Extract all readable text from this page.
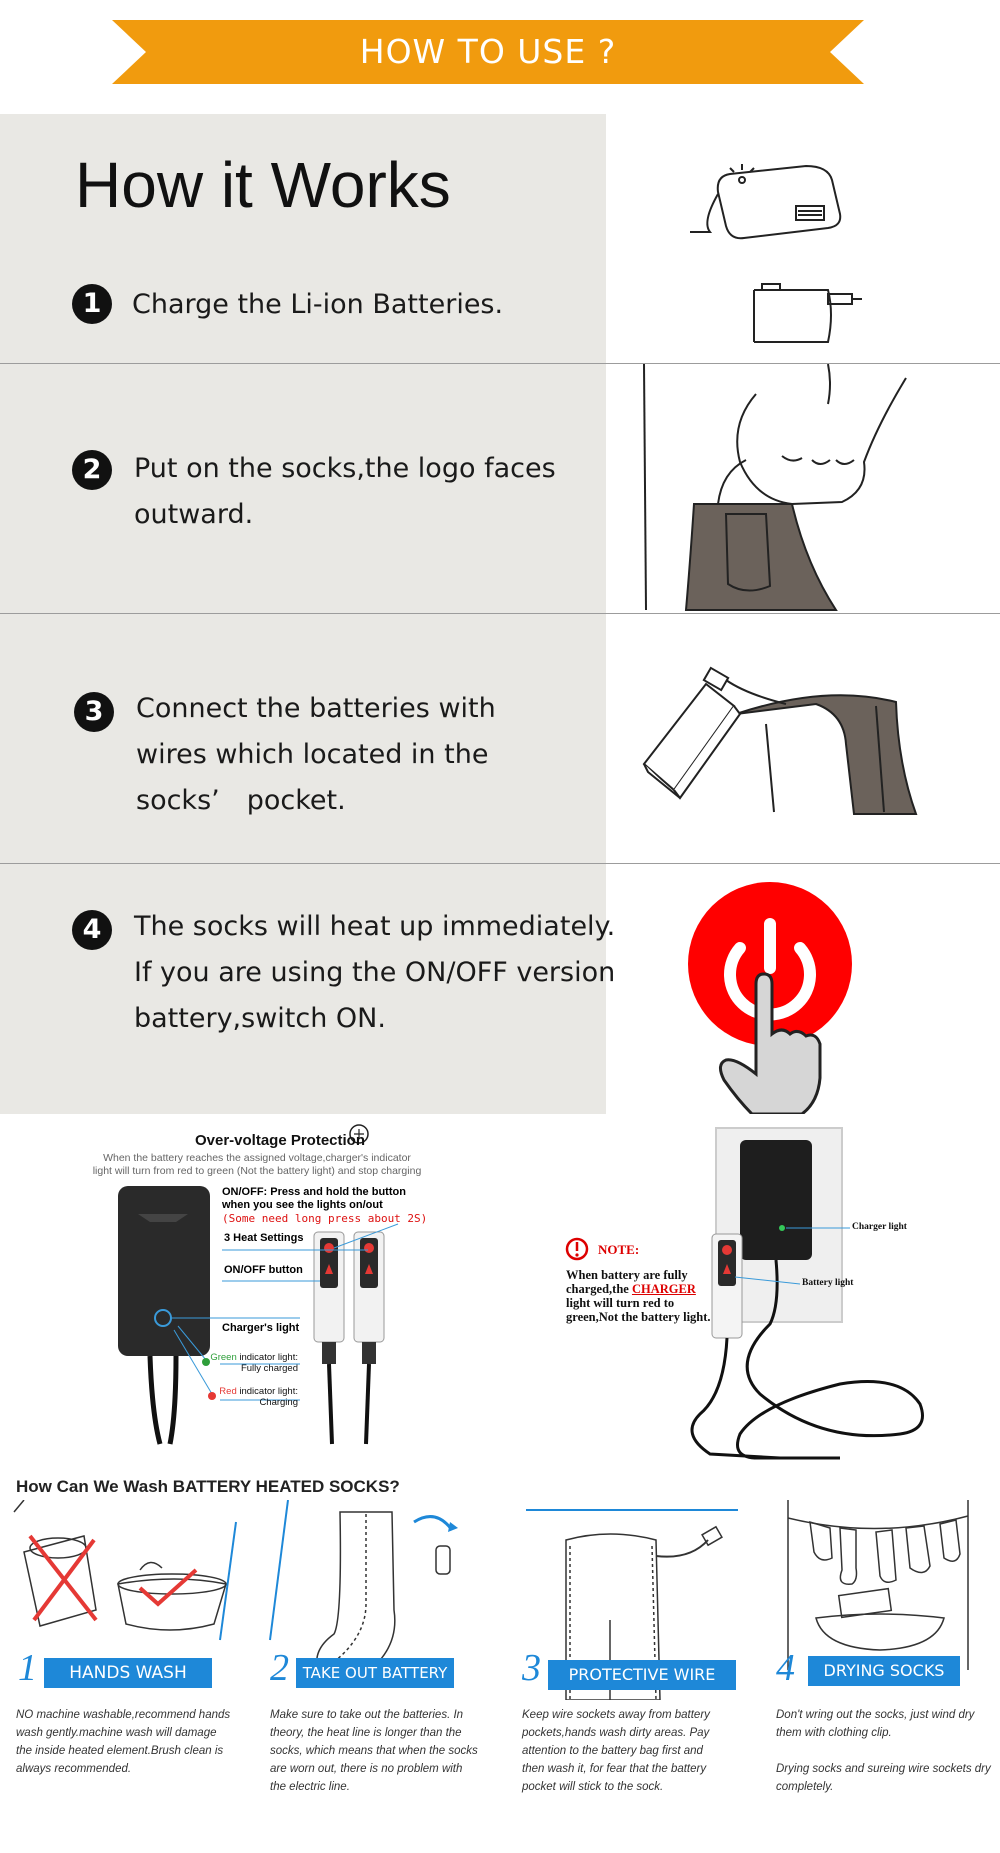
HOW TO USE ?
How it Works
1	Charge the Li-ion Batteries.
2	Put on the socks,the logo faces
outward.
3	Connect the batteries with
wires which located in the
socks’　pocket.
4	The socks will heat up immediately.
If you are using the ON/OFF version
battery,switch ON.
Over-voltage Protection
When the battery reaches the assigned voltage,charger's indicator
light will turn from red to green (Not the battery light) and stop charging
ON/OFF: Press and hold the button
when you see the lights on/out
(Some need long press about 2S)
3 Heat Settings
ON/OFF button
Charger's light
Green indicator light:
Fully charged
Red indicator light:
Charging
NOTE:
When battery are fully charged,the CHARGER light will turn red to green,Not the battery light.
Charger light
Battery light
How Can We Wash BATTERY HEATED SOCKS?
1	HANDS WASH
NO machine washable,recommend hands
wash gently.machine wash will damage
the inside heated element.Brush clean is
always recommended.
2 TAKE OUT BATTERY
Make sure to take out the batteries. In
theory, the heat line is longer than the
socks, which means that when the socks
are worn out, there is no problem with
the electric line.
3	PROTECTIVE WIRE
Keep wire sockets away from battery
pockets,hands wash dirty areas. Pay
attention to the battery bag first and
then wash it, for fear that the battery
pocket will stick to the sock.
4	DRYING SOCKS
Don't wring out the socks, just wind dry
them with clothing clip.
Drying socks and sureing wire sockets dry
completely.
